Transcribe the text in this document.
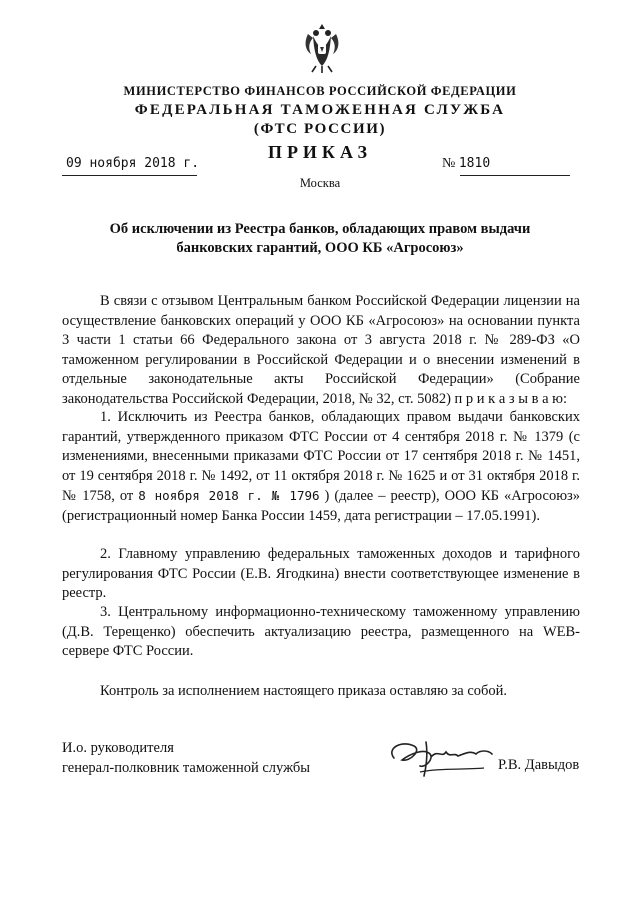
МИНИСТЕРСТВО ФИНАНСОВ РОССИЙСКОЙ ФЕДЕРАЦИИ
ФЕДЕРАЛЬНАЯ ТАМОЖЕННАЯ СЛУЖБА
(ФТС РОССИИ)
ПРИКАЗ
09 ноября 2018 г.	№ 1810
Москва
Об исключении из Реестра банков, обладающих правом выдачи
банковских гарантий, ООО КБ «Агросоюз»

В связи с отзывом Центральным банком Российской Федерации лицензии на осуществление банковских операций у ООО КБ «Агросоюз» на основании пункта 3 части 1 статьи 66 Федерального закона от 3 августа 2018 г. № 289-ФЗ «О таможенном регулировании в Российской Федерации и о внесении изменений в отдельные законодательные акты Российской Федерации» (Собрание законодательства Российской Федерации, 2018, № 32, ст. 5082) п р и к а з ы в а ю:

1. Исключить из Реестра банков, обладающих правом выдачи банковских гарантий, утвержденного приказом ФТС России от 4 сентября 2018 г. № 1379 (с изменениями, внесенными приказами ФТС России от 17 сентября 2018 г. № 1451, от 19 сентября 2018 г. № 1492, от 11 октября 2018 г. № 1625 и от 31 октября 2018 г. № 1758, от 8 ноября 2018 г. № 1796 ) (далее – реестр), ООО КБ «Агросоюз» (регистрационный номер Банка России 1459, дата регистрации – 17.05.1991).

2. Главному управлению федеральных таможенных доходов и тарифного регулирования ФТС России (Е.В. Ягодкина) внести соответствующее изменение в реестр.

3. Центральному информационно-техническому таможенному управлению (Д.В. Терещенко) обеспечить актуализацию реестра, размещенного на WEB-сервере ФТС России.

Контроль за исполнением настоящего приказа оставляю за собой.

И.о. руководителя
генерал-полковник таможенной службы	Р.В. Давыдов
